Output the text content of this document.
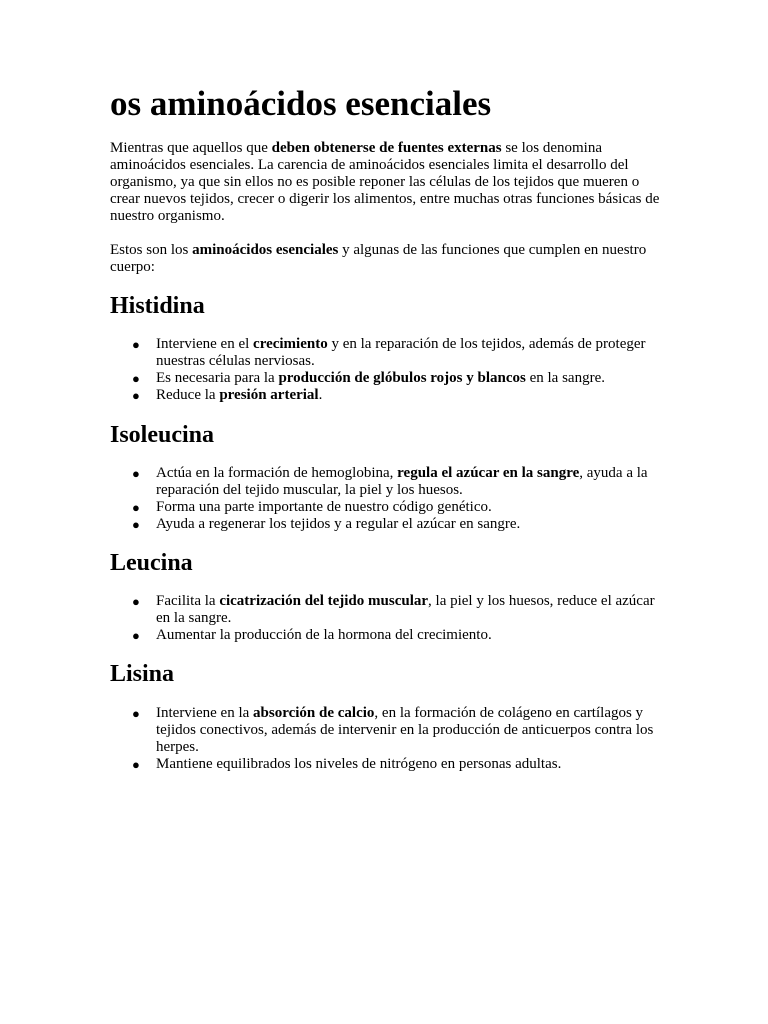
os aminoácidos esenciales

Mientras que aquellos que deben obtenerse de fuentes externas se los denomina aminoácidos esenciales. La carencia de aminoácidos esenciales limita el desarrollo del organismo, ya que sin ellos no es posible reponer las células de los tejidos que mueren o crear nuevos tejidos, crecer o digerir los alimentos, entre muchas otras funciones básicas de nuestro organismo.

Estos son los aminoácidos esenciales y algunas de las funciones que cumplen en nuestro cuerpo:

Histidina
● Interviene en el crecimiento y en la reparación de los tejidos, además de proteger nuestras células nerviosas.
● Es necesaria para la producción de glóbulos rojos y blancos en la sangre.
● Reduce la presión arterial.
Isoleucina
● Actúa en la formación de hemoglobina, regula el azúcar en la sangre, ayuda a la reparación del tejido muscular, la piel y los huesos.
● Forma una parte importante de nuestro código genético.
● Ayuda a regenerar los tejidos y a regular el azúcar en sangre.
Leucina
● Facilita la cicatrización del tejido muscular, la piel y los huesos, reduce el azúcar en la sangre.
● Aumentar la producción de la hormona del crecimiento.
Lisina
● Interviene en la absorción de calcio, en la formación de colágeno en cartílagos y tejidos conectivos, además de intervenir en la producción de anticuerpos contra los herpes.
● Mantiene equilibrados los niveles de nitrógeno en personas adultas.
